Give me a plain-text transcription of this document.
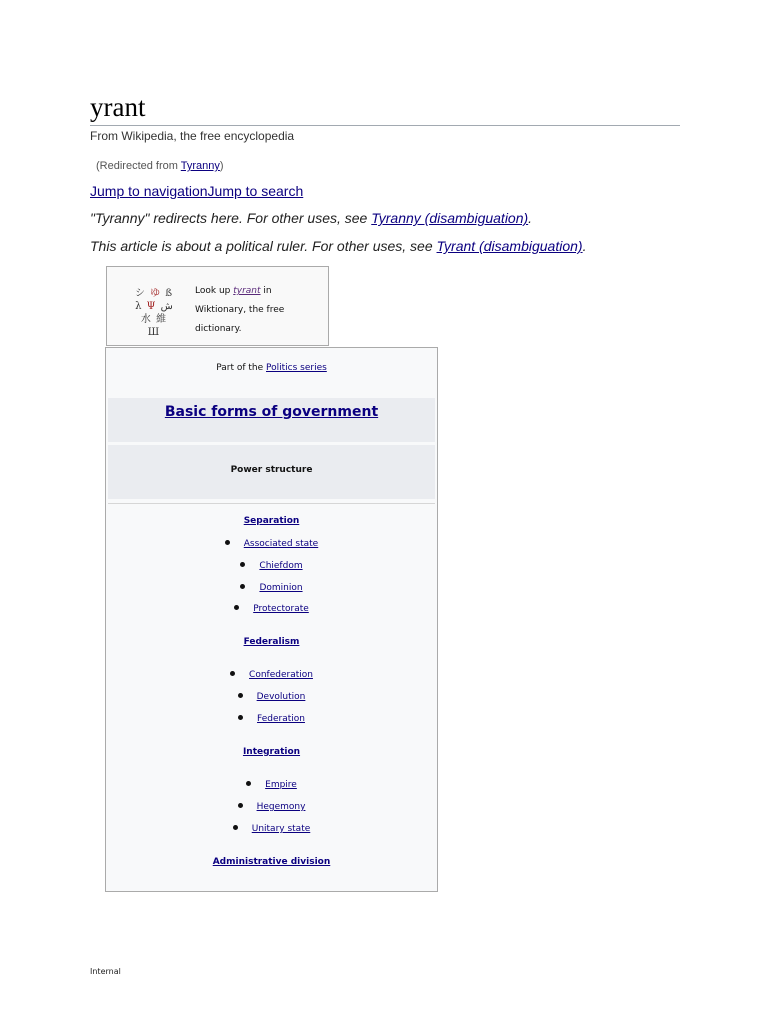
yrant
From Wikipedia, the free encyclopedia
(Redirected from Tyranny)
Jump to navigationJump to search
"Tyranny" redirects here. For other uses, see Tyranny (disambiguation).
This article is about a political ruler. For other uses, see Tyrant (disambiguation).
シ ゆ ß
λ Ψ ش
水 維 Ш
Look up tyrant in
Wiktionary, the free
dictionary.
Part of the Politics series
Basic forms of government
Power structure
Separation
Associated state
Chiefdom
Dominion
Protectorate
Federalism
Confederation
Devolution
Federation
Integration
Empire
Hegemony
Unitary state
Administrative division
Internal
